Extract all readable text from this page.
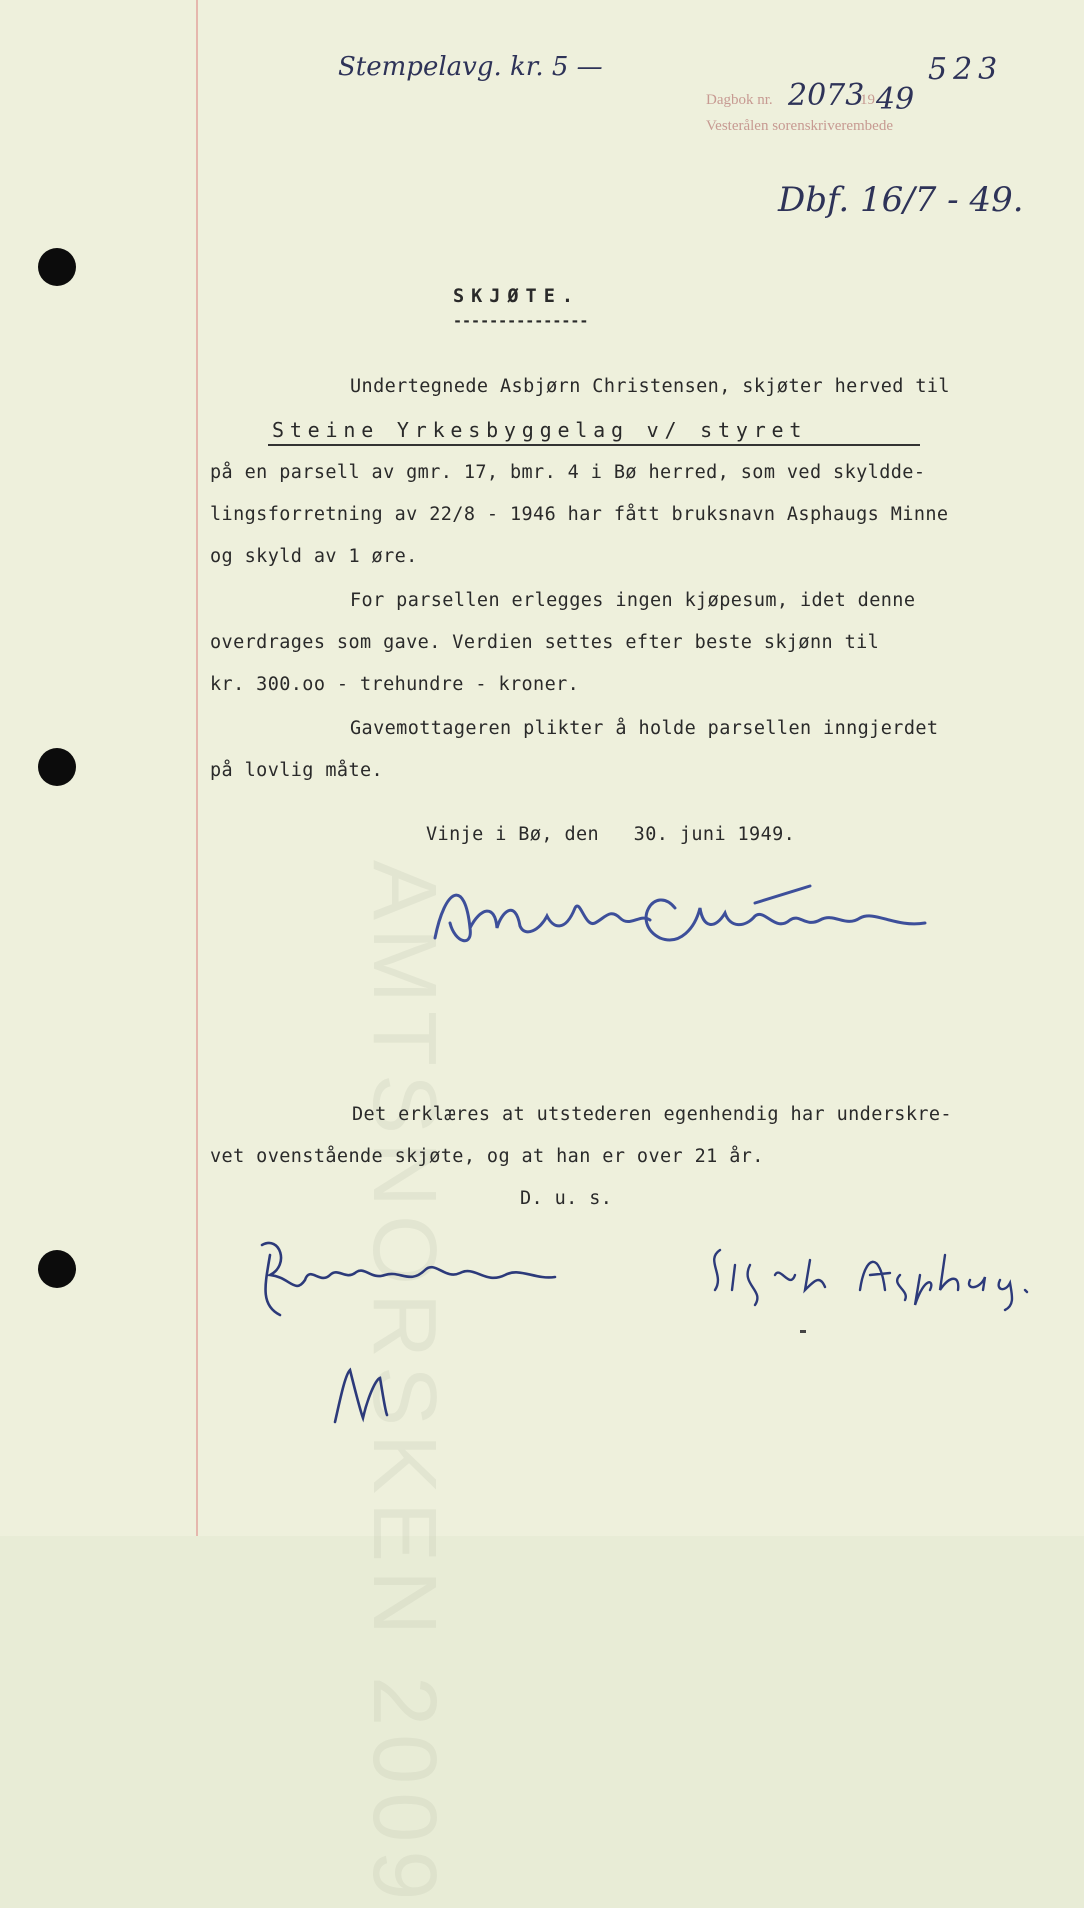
AMTSNORSKEN 2009
Stempelavg. kr. 5 —	523
Dagbok nr. 2073
19 49
Vesterålen sorenskriverembede
Dbf. 16/7 - 49.
SKJØTE.
---------------
Undertegnede Asbjørn Christensen, skjøter herved til
Steine Yrkesbyggelag v/ styret
på en parsell av gmr. 17, bmr. 4 i Bø herred, som ved skyldde-
lingsforretning av 22/8 - 1946 har fått bruksnavn Asphaugs Minne
og skyld av 1 øre.
For parsellen erlegges ingen kjøpesum, idet denne
overdrages som gave. Verdien settes efter beste skjønn til
kr. 300.oo - trehundre - kroner.
Gavemottageren plikter å holde parsellen inngjerdet
på lovlig måte.
Vinje i Bø, den   30. juni 1949.
Det erklæres at utstederen egenhendig har underskre-
vet ovenstående skjøte, og at han er over 21 år.
D. u. s.
